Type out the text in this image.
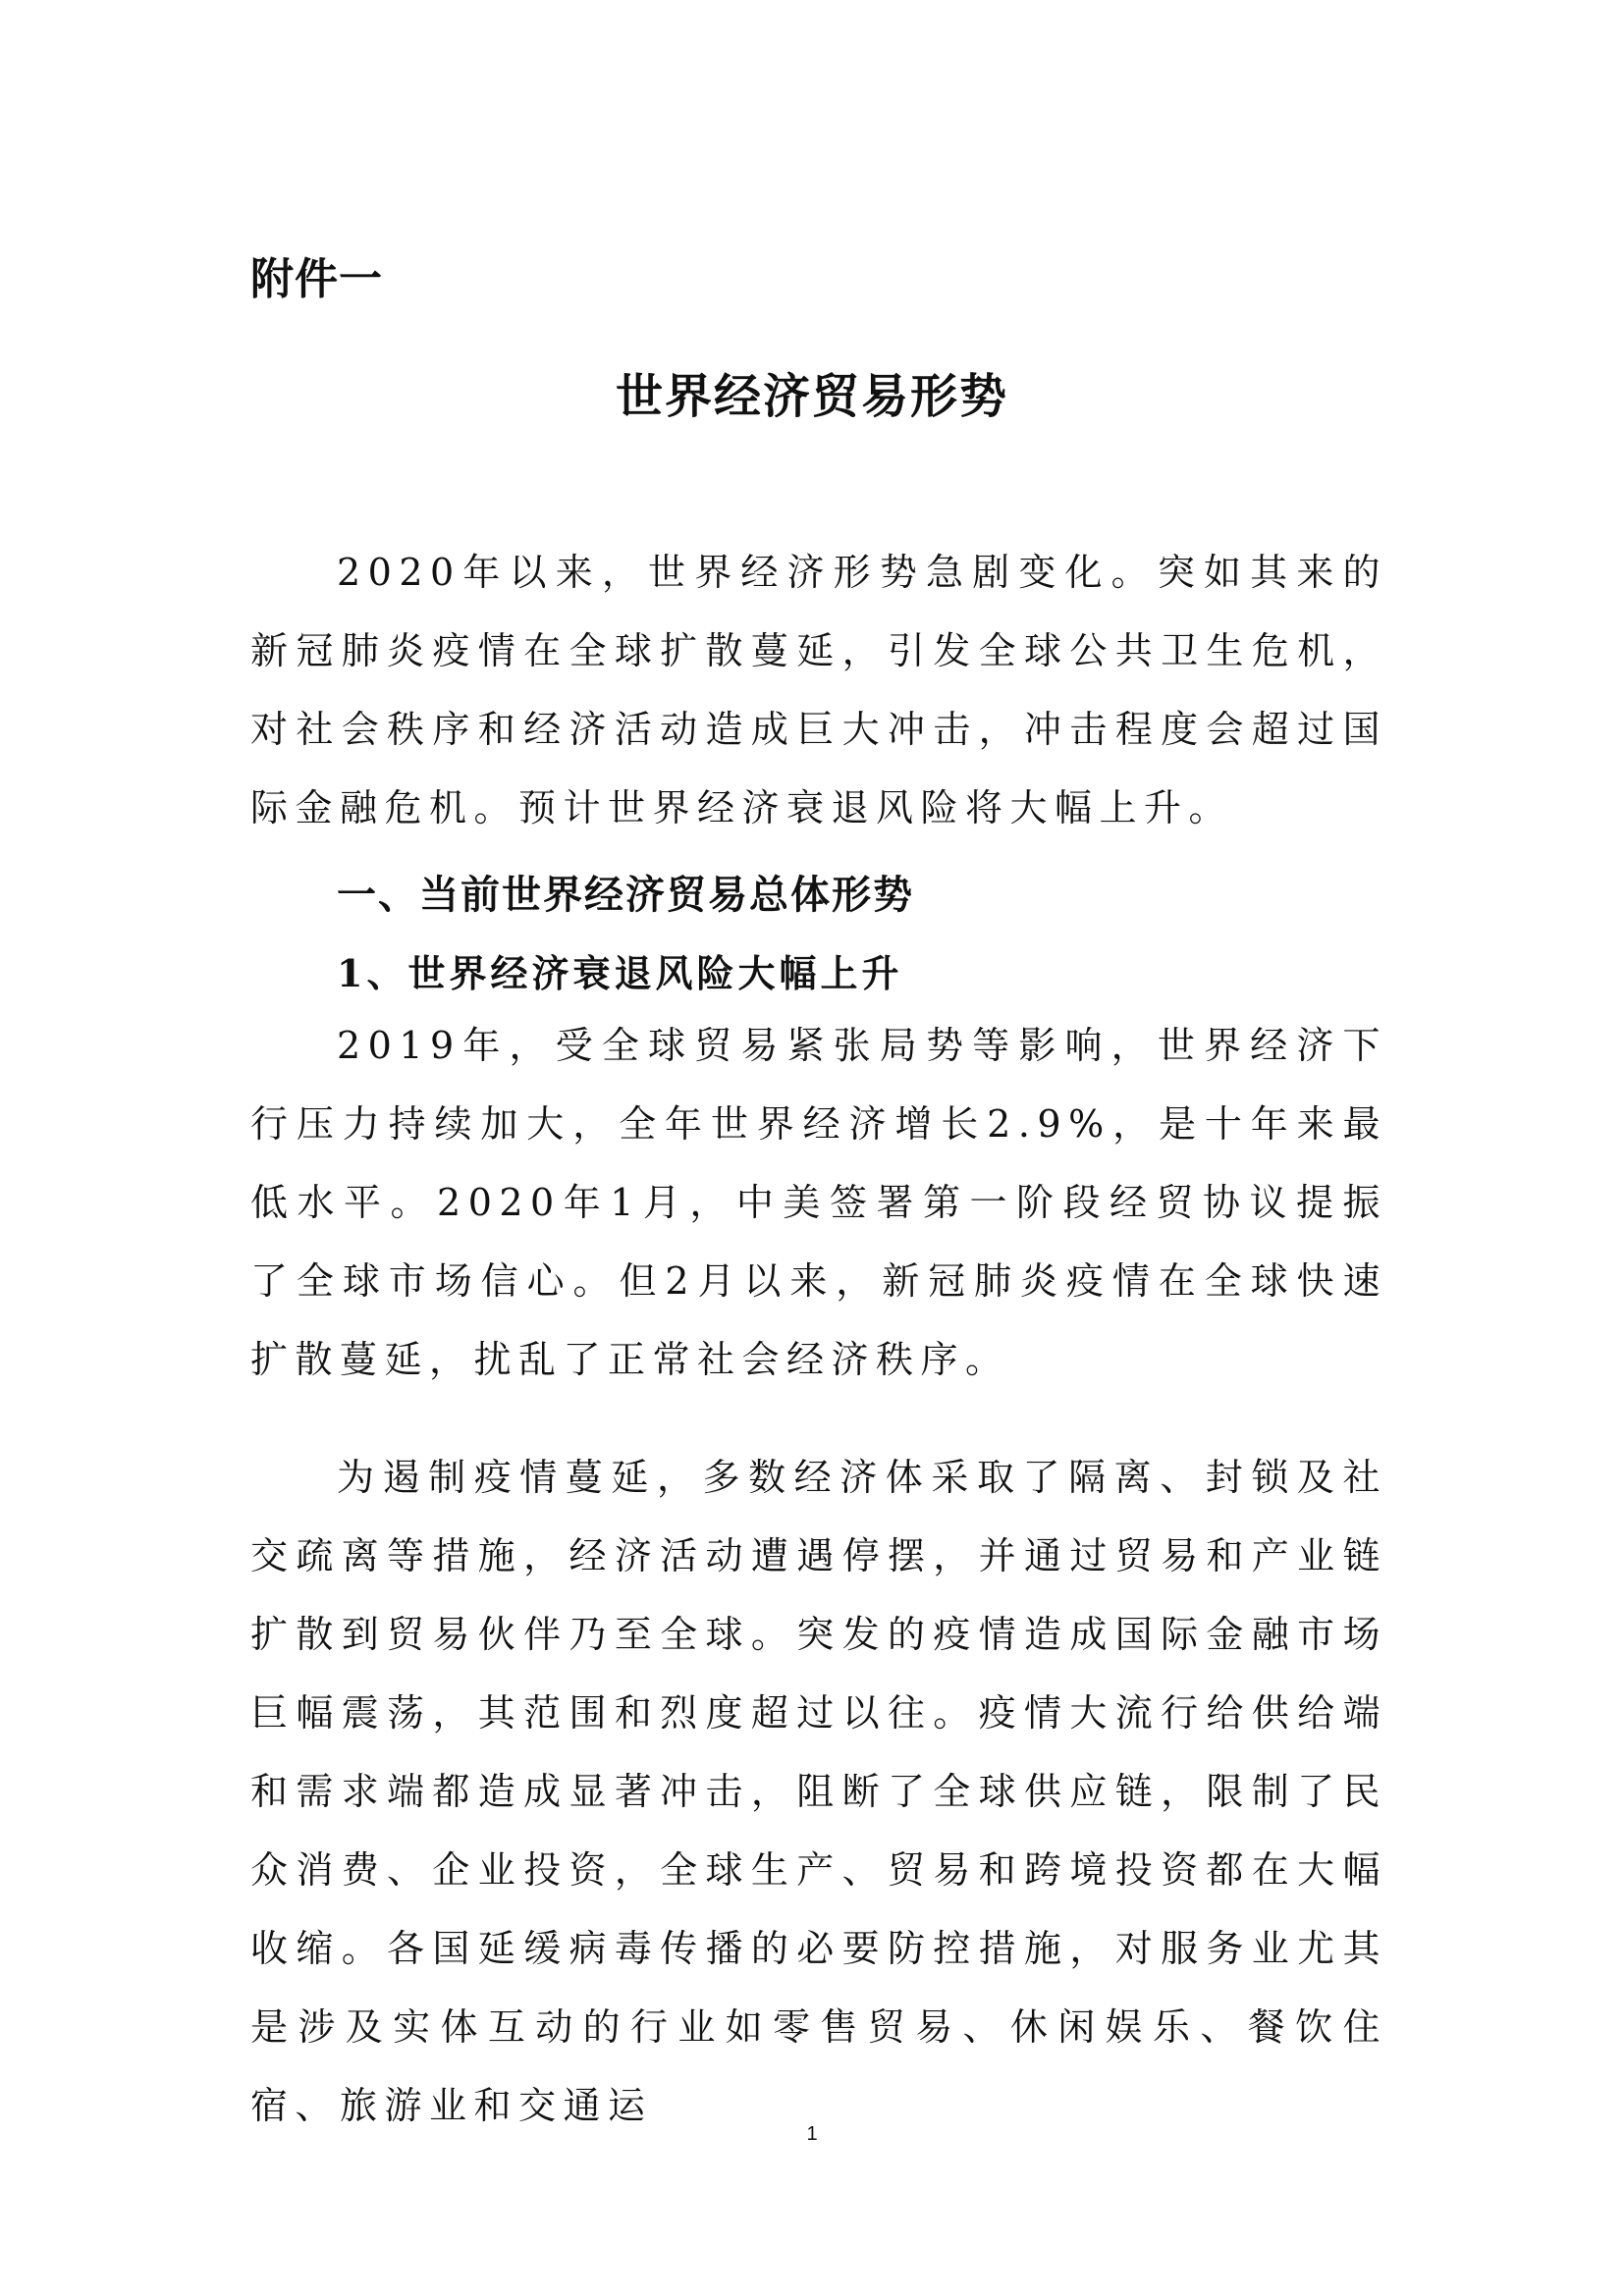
附件一
世界经济贸易形势

2020年以来，世界经济形势急剧变化。突如其来的新冠肺炎疫情在全球扩散蔓延，引发全球公共卫生危机，对社会秩序和经济活动造成巨大冲击，冲击程度会超过国际金融危机。预计世界经济衰退风险将大幅上升。

一、当前世界经济贸易总体形势
1、世界经济衰退风险大幅上升

2019年，受全球贸易紧张局势等影响，世界经济下行压力持续加大，全年世界经济增长2.9%，是十年来最低水平。2020年1月，中美签署第一阶段经贸协议提振了全球市场信心。但2月以来，新冠肺炎疫情在全球快速扩散蔓延，扰乱了正常社会经济秩序。

为遏制疫情蔓延，多数经济体采取了隔离、封锁及社交疏离等措施，经济活动遭遇停摆，并通过贸易和产业链扩散到贸易伙伴乃至全球。突发的疫情造成国际金融市场巨幅震荡，其范围和烈度超过以往。疫情大流行给供给端和需求端都造成显著冲击，阻断了全球供应链，限制了民众消费、企业投资，全球生产、贸易和跨境投资都在大幅收缩。各国延缓病毒传播的必要防控措施，对服务业尤其是涉及实体互动的行业如零售贸易、休闲娱乐、餐饮住宿、旅游业和交通运

1
